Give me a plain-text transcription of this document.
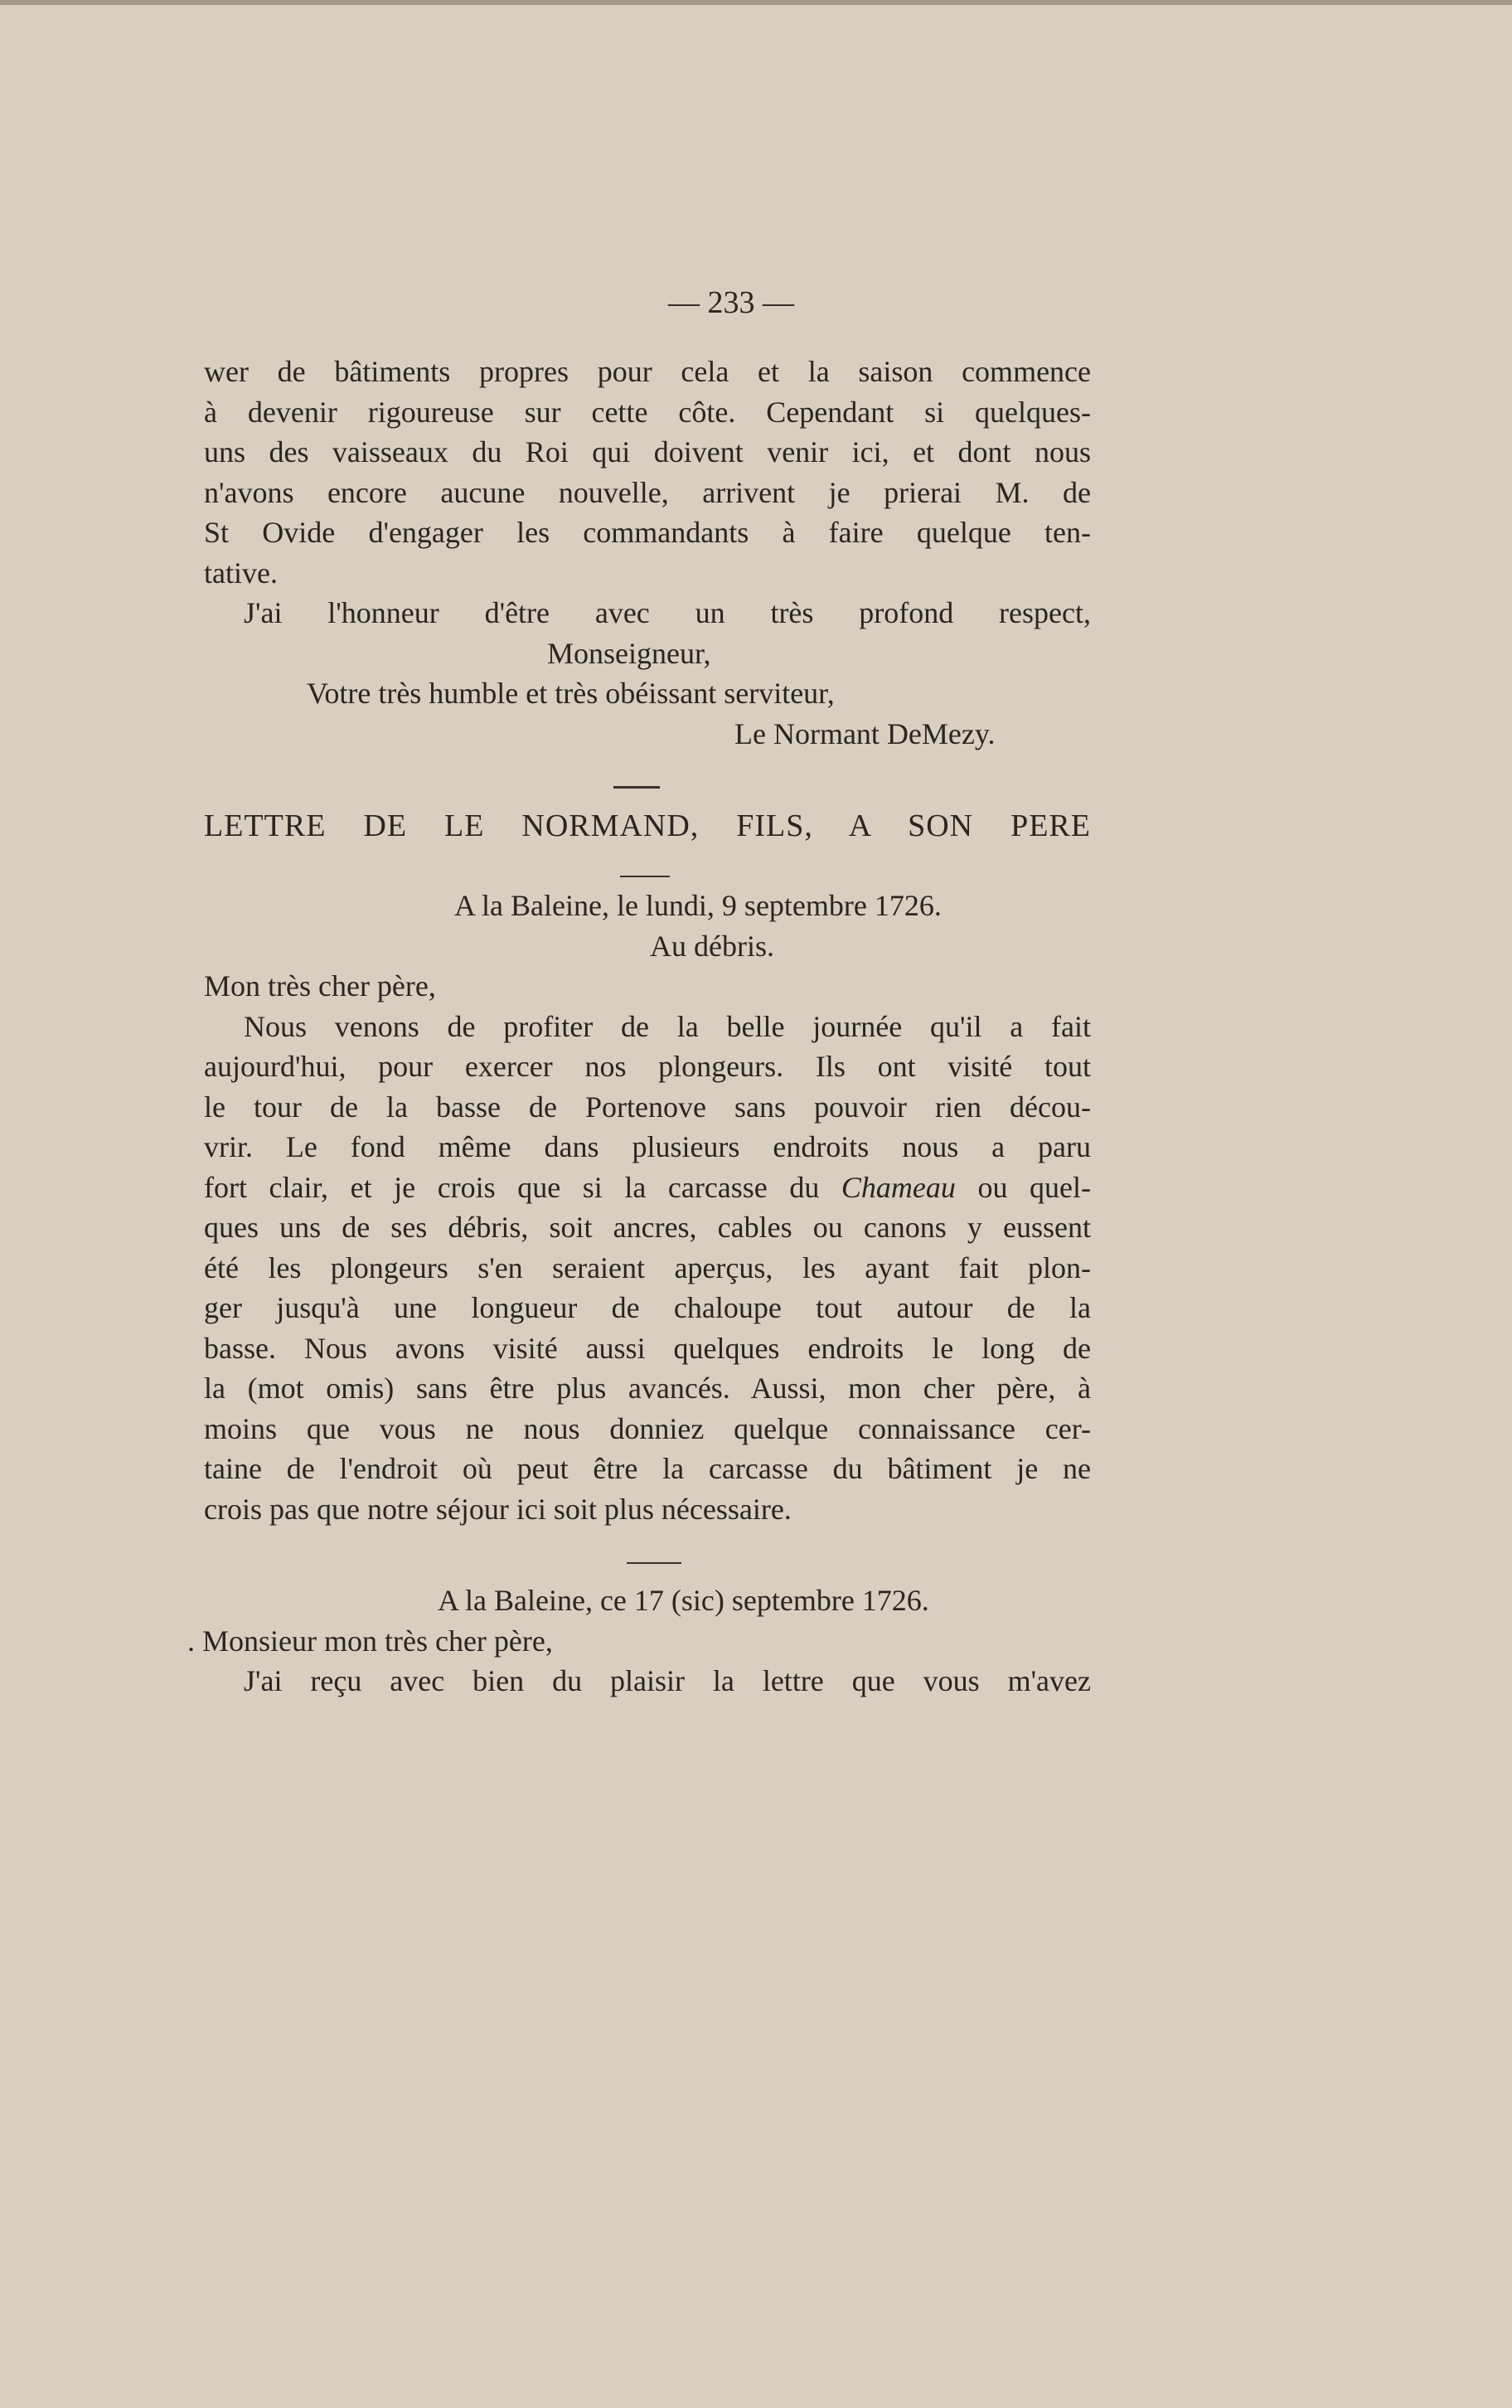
— 233 —
wer de bâtiments propres pour cela et la saison commence
à devenir rigoureuse sur cette côte. Cependant si quelques-
uns des vaisseaux du Roi qui doivent venir ici, et dont nous
n'avons encore aucune nouvelle, arrivent je prierai M. de
St Ovide d'engager les commandants à faire quelque ten-
tative.
J'ai l'honneur d'être avec un très profond respect,
Monseigneur,
Votre très humble et très obéissant serviteur,
Le Normant DeMezy.
LETTRE DE LE NORMAND, FILS, A SON PERE
A la Baleine, le lundi, 9 septembre 1726.
Au débris.
Mon très cher père,
Nous venons de profiter de la belle journée qu'il a fait
aujourd'hui, pour exercer nos plongeurs. Ils ont visité tout
le tour de la basse de Portenove sans pouvoir rien décou-
vrir. Le fond même dans plusieurs endroits nous a paru
fort clair, et je crois que si la carcasse du Chameau ou quel-
ques uns de ses débris, soit ancres, cables ou canons y eussent
été les plongeurs s'en seraient aperçus, les ayant fait plon-
ger jusqu'à une longueur de chaloupe tout autour de la
basse. Nous avons visité aussi quelques endroits le long de
la (mot omis) sans être plus avancés. Aussi, mon cher père, à
moins que vous ne nous donniez quelque connaissance cer-
taine de l'endroit où peut être la carcasse du bâtiment je ne
crois pas que notre séjour ici soit plus nécessaire.
A la Baleine, ce 17 (sic) septembre 1726.
. Monsieur mon très cher père,
J'ai reçu avec bien du plaisir la lettre que vous m'avez
